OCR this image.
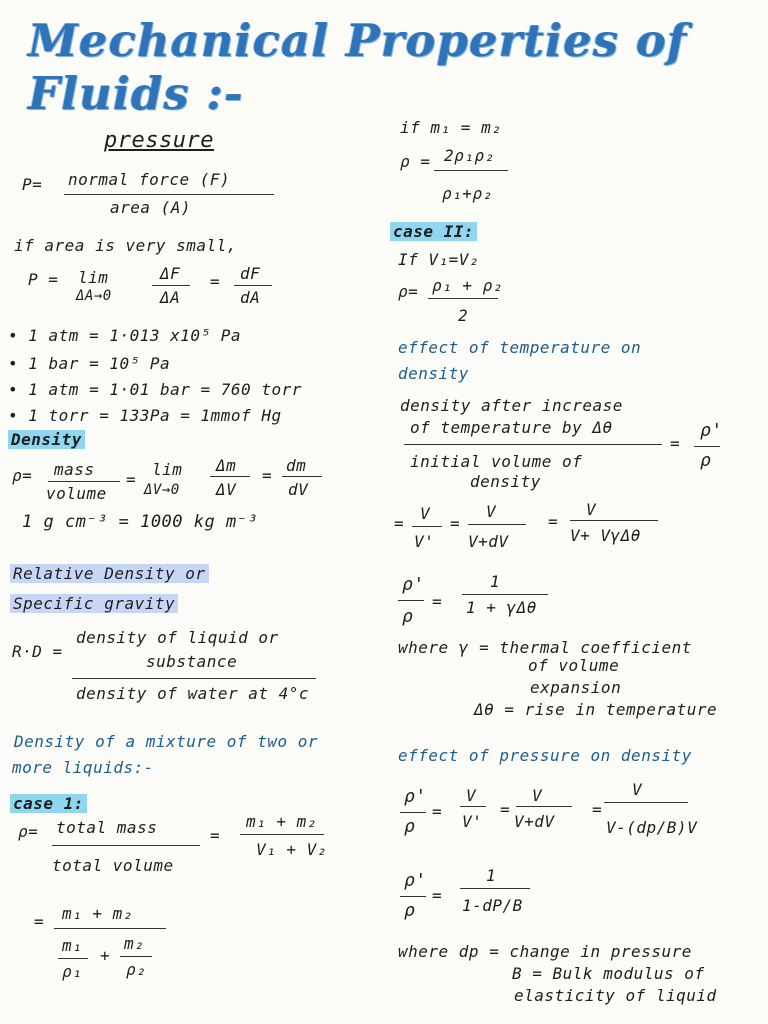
Mechanical Properties of Fluids :-
pressure
P= normal force (F)
area (A)
if area is very small,
P = lim
ΔA→0
ΔF
ΔA
= dF
dA
• 1 atm = 1·013 x10⁵ Pa
• 1 bar = 10⁵ Pa
• 1 atm = 1·01 bar = 760 torr
• 1 torr = 133Pa = 1mmof Hg
Density
ρ= mass
volume
=
lim
ΔV→0
Δm
ΔV
=
dm
dV
1 g cm⁻³ = 1000 kg m⁻³
Relative Density or
Specific gravity
R·D =
density of liquid or
substance
density of water at 4°c
Density of a mixture of two or
more liquids:-
case 1:
ρ= total mass
total volume
=
m₁ + m₂
V₁ + V₂
= m₁ + m₂
m₁
ρ₁
+
m₂
ρ₂
if m₁ = m₂
ρ = 2ρ₁ρ₂
ρ₁+ρ₂
case II:
If V₁=V₂
ρ= ρ₁ + ρ₂
2
effect of temperature on
density
density after increase
of temperature by Δθ
initial volume of
density
=
ρ'
ρ
=
V
V'
=
V
V+dV
=
V
V+ VγΔθ
ρ'
ρ
=
1
1 + γΔθ
where γ = thermal coefficient
of volume
expansion
Δθ = rise in temperature
effect of pressure on density
ρ'
ρ
=
V
V'
=
V
V+dV
=
V
V-(dp/B)V
ρ'
ρ
=
1
1-dP/B
where dp = change in pressure
B = Bulk modulus of
elasticity of liquid
